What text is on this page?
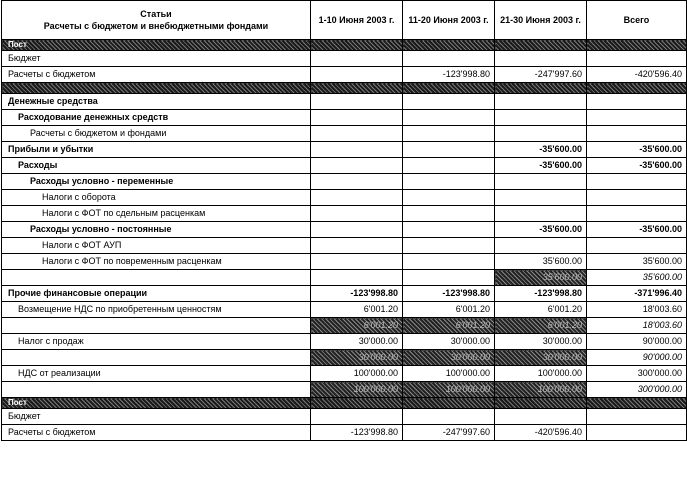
Статьи
Расчеты с бюджетом и внебюджетными фондами	1-10 Июня 2003 г.	11-20 Июня 2003 г.	21-30 Июня 2003 г.	Всего
Пост				
Бюджет				
Расчеты с бюджетом		-123'998.80	-247'997.60	-420'596.40

Денежные средства				
Расходование денежных средств				
Расчеты с бюджетом и фондами				
Прибыли и убытки			-35'600.00	-35'600.00
Расходы			-35'600.00	-35'600.00
Расходы условно - переменные				
Налоги с оборота				
Налоги с ФОТ по сдельным расценкам				
Расходы условно - постоянные			-35'600.00	-35'600.00
Налоги с ФОТ АУП				
Налоги с ФОТ по повременным расценкам			35'600.00	35'600.00
			35'600.00	35'600.00
Прочие финансовые операции	-123'998.80	-123'998.80	-123'998.80	-371'996.40
Возмещение НДС по приобретенным ценностям	6'001.20	6'001.20	6'001.20	18'003.60
	6'001.20	6'001.20	6'001.20	18'003.60
Налог с продаж	30'000.00	30'000.00	30'000.00	90'000.00
	30'000.00	30'000.00	30'000.00	90'000.00
НДС от реализации	100'000.00	100'000.00	100'000.00	300'000.00
	100'000.00	100'000.00	100'000.00	300'000.00
Пост				
Бюджет				
Расчеты с бюджетом	-123'998.80	-247'997.60	-420'596.40	
